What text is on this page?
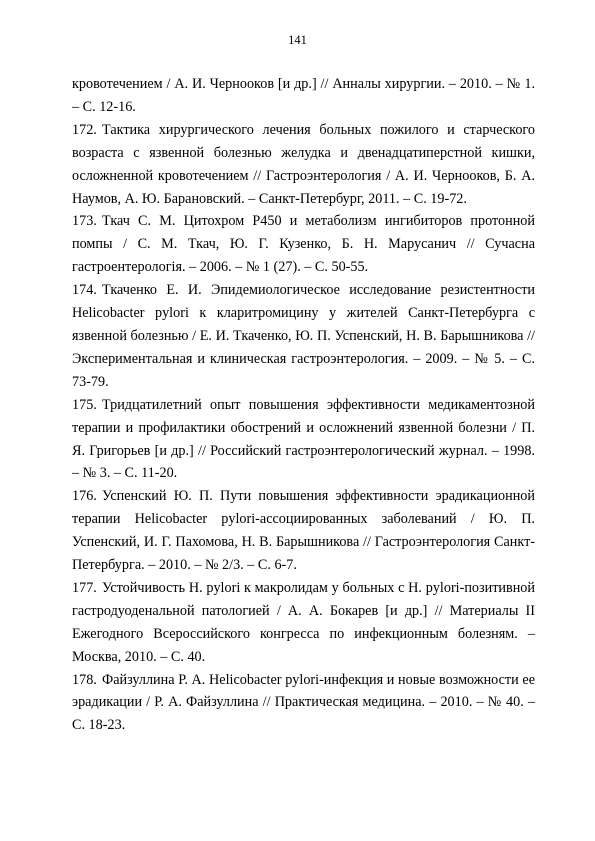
141

кровотечением / А. И. Чернооков [и др.] // Анналы хирургии. – 2010. – № 1. – С. 12-16.

172. Тактика хирургического лечения больных пожилого и старческого возраста с язвенной болезнью желудка и двенадцатиперстной кишки, осложненной кровотечением // Гастроэнтерология / А. И. Чернооков, Б. А. Наумов, А. Ю. Барановский. – Санкт-Петербург, 2011. – С. 19-72.

173. Ткач С. М. Цитохром Р450 и метаболизм ингибиторов протонной помпы / С. М. Ткач, Ю. Г. Кузенко, Б. Н. Марусанич // Сучасна гастроентерологія. – 2006. – № 1 (27). – С. 50-55.

174. Ткаченко Е. И. Эпидемиологическое исследование резистентности Helicobacter pylori к кларитромицину у жителей Санкт-Петербурга с язвенной болезнью / Е. И. Ткаченко, Ю. П. Успенский, Н. В. Барышникова // Экспериментальная и клиническая гастроэнтерология. – 2009. – № 5. – С. 73-79.

175. Тридцатилетний опыт повышения эффективности медикаментозной терапии и профилактики обострений и осложнений язвенной болезни / П. Я. Григорьев [и др.] // Российский гастроэнтерологический журнал. – 1998. – № 3. – С. 11-20.

176. Успенский Ю. П. Пути повышения эффективности эрадикационной терапии Helicobacter pylori-ассоциированных заболеваний / Ю. П. Успенский, И. Г. Пахомова, Н. В. Барышникова // Гастроэнтерология Санкт-Петербурга. – 2010. – № 2/3. – С. 6-7.

177. Устойчивость H. pylori к макролидам у больных с H. pylori-позитивной гастродуоденальной патологией / А. А. Бокарев [и др.] // Материалы II Ежегодного Всероссийского конгресса по инфекционным болезням. – Москва, 2010. – С. 40.

178. Файзуллина Р. А. Helicobacter pylori-инфекция и новые возможности ее эрадикации / Р. А. Файзуллина // Практическая медицина. – 2010. – № 40. – С. 18-23.
